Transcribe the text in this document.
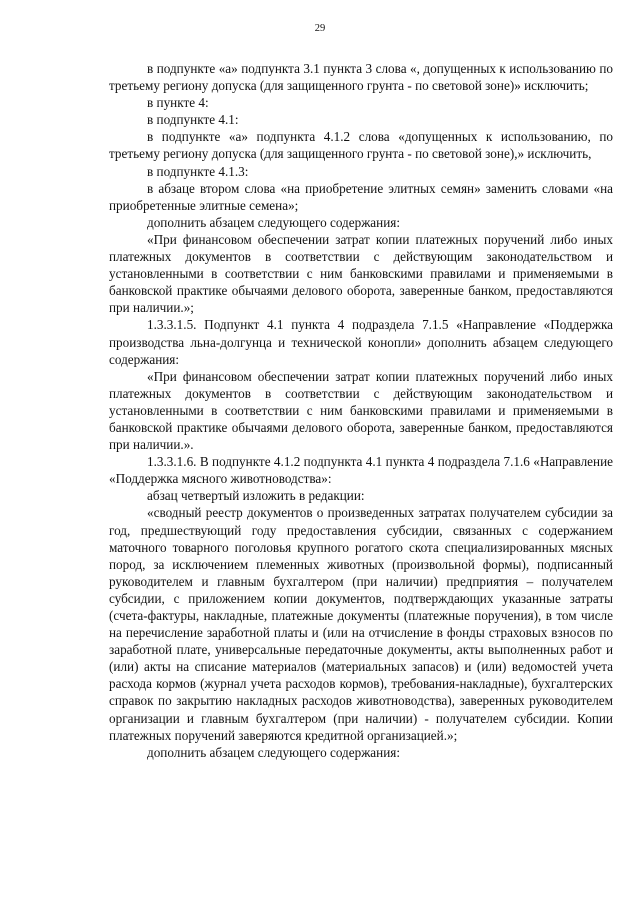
29

в подпункте «а» подпункта 3.1 пункта 3 слова «, допущенных к использованию по третьему региону допуска (для защищенного грунта - по световой зоне)» исключить;

в пункте 4:

в подпункте 4.1:

в подпункте «а» подпункта 4.1.2 слова «допущенных к использованию, по третьему региону допуска (для защищенного грунта - по световой зоне),» исключить,

в подпункте 4.1.3:

в абзаце втором слова «на приобретение элитных семян» заменить словами «на приобретенные элитные семена»;

дополнить абзацем следующего содержания:

«При финансовом обеспечении затрат копии платежных поручений либо иных платежных документов в соответствии с действующим законодательством и установленными в соответствии с ним банковскими правилами и применяемыми в банковской практике обычаями делового оборота, заверенные банком, предоставляются при наличии.»;

1.3.3.1.5. Подпункт 4.1 пункта 4 подраздела 7.1.5 «Направление «Поддержка производства льна-долгунца и технической конопли» дополнить абзацем следующего содержания:

«При финансовом обеспечении затрат копии платежных поручений либо иных платежных документов в соответствии с действующим законодательством и установленными в соответствии с ним банковскими правилами и применяемыми в банковской практике обычаями делового оборота, заверенные банком, предоставляются при наличии.».

1.3.3.1.6. В подпункте 4.1.2 подпункта 4.1 пункта 4 подраздела 7.1.6 «Направление «Поддержка мясного животноводства»:

абзац четвертый изложить в редакции:

«сводный реестр документов о произведенных затратах получателем субсидии за год, предшествующий году предоставления субсидии, связанных с содержанием маточного товарного поголовья крупного рогатого скота специализированных мясных пород, за исключением племенных животных (произвольной формы), подписанный руководителем и главным бухгалтером (при наличии) предприятия – получателем субсидии, с приложением копии документов, подтверждающих указанные затраты (счета-фактуры, накладные, платежные документы (платежные поручения), в том числе на перечисление заработной платы и (или на отчисление в фонды страховых взносов по заработной плате, универсальные передаточные документы, акты выполненных работ и (или) акты на списание материалов (материальных запасов) и (или) ведомостей учета расхода кормов (журнал учета расходов кормов), требования-накладные), бухгалтерских справок по закрытию накладных расходов животноводства), заверенных руководителем организации и главным бухгалтером (при наличии) - получателем субсидии. Копии платежных поручений заверяются кредитной организацией.»;

дополнить абзацем следующего содержания:
